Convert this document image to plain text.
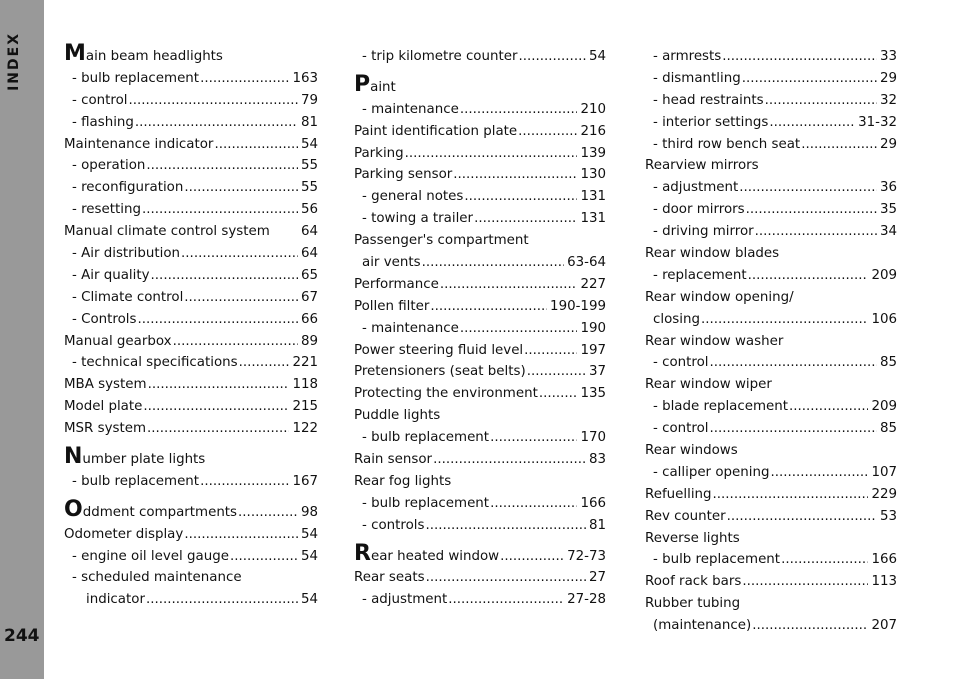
INDEX
244
M ain beam headlights
- bulb replacement .....	163
- control .....	79
- flashing .....	81
Maintenance indicator .....	54
- operation .....	55
- reconfiguration .....	55
- resetting .....	56
Manual climate control system 64
- Air distribution .....	64
- Air quality .....	65
- Climate control .....	67
- Controls .....	66
Manual gearbox .....	89
- technical specifications .....	221
MBA system .....	118
Model plate .....	215
MSR system .....	122
N umber plate lights
- bulb replacement .....	167
O ddment compartments .....	98
Odometer display .....	54
- engine oil level gauge .....	54
- scheduled maintenance
indicator .....	54
- trip kilometre counter .....	54
P aint
- maintenance .....	210
Paint identification plate .....	216
Parking .....	139
Parking sensor .....	130
- general notes .....	131
- towing a trailer .....	131
Passenger's compartment
air vents .....	63-64
Performance .....	227
Pollen filter .....	190-199
- maintenance .....	190
Power steering fluid level .....	197
Pretensioners (seat belts) .....	37
Protecting the environment .....	135
Puddle lights
- bulb replacement .....	170
Rain sensor .....	83
Rear fog lights
- bulb replacement .....	166
- controls .....	81
R ear heated window .....	72-73
Rear seats .....	27
- adjustment .....	27-28
- armrests .....	33
- dismantling .....	29
- head restraints .....	32
- interior settings .....	31-32
- third row bench seat .....	29
Rearview mirrors
- adjustment .....	36
- door mirrors .....	35
- driving mirror .....	34
Rear window blades
- replacement .....	209
Rear window opening/
closing .....	106
Rear window washer
- control .....	85
Rear window wiper
- blade replacement .....	209
- control .....	85
Rear windows
- calliper opening .....	107
Refuelling .....	229
Rev counter .....	53
Reverse lights
- bulb replacement .....	166
Roof rack bars .....	113
Rubber tubing
(maintenance) .....	207
